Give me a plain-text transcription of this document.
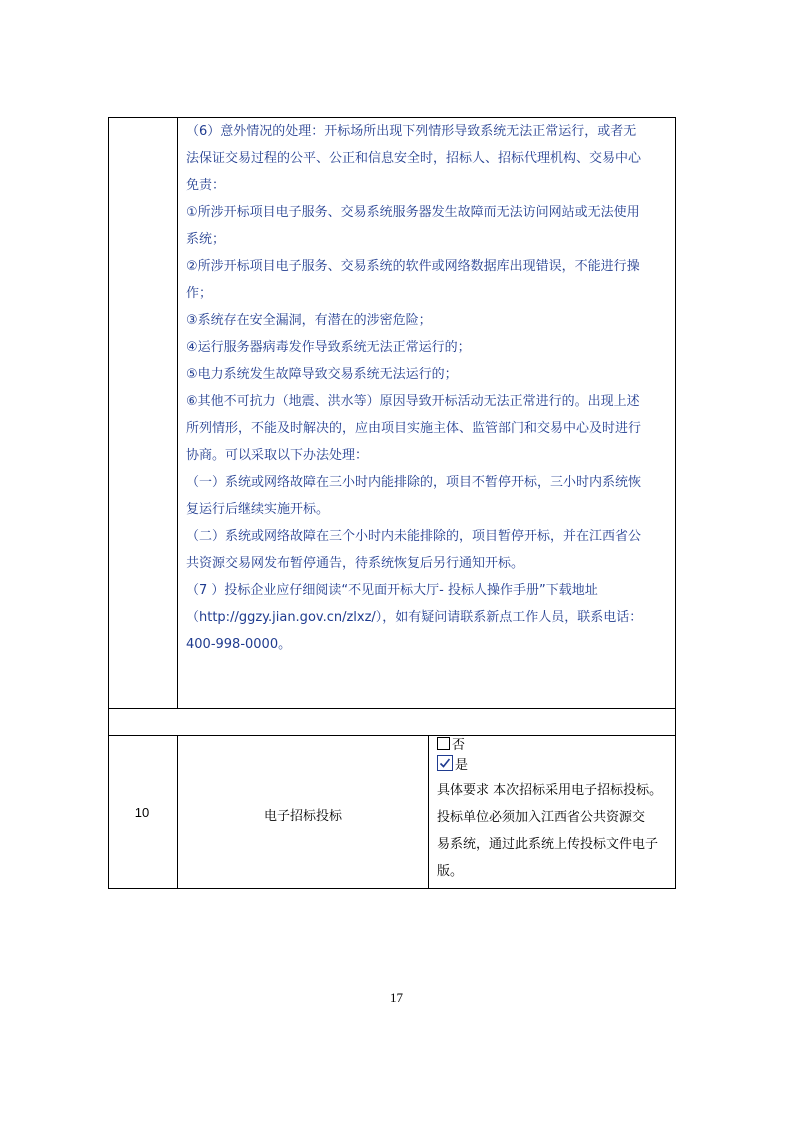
（6）意外情况的处理：开标场所出现下列情形导致系统无法正常运行，或者无

法保证交易过程的公平、公正和信息安全时，招标人、招标代理机构、交易中心

免责：

①所涉开标项目电子服务、交易系统服务器发生故障而无法访问网站或无法使用

系统；

②所涉开标项目电子服务、交易系统的软件或网络数据库出现错误，不能进行操

作；

③系统存在安全漏洞，有潜在的涉密危险；

④运行服务器病毒发作导致系统无法正常运行的；

⑤电力系统发生故障导致交易系统无法运行的；

⑥其他不可抗力（地震、洪水等）原因导致开标活动无法正常进行的。出现上述

所列情形，不能及时解决的，应由项目实施主体、监管部门和交易中心及时进行

协商。可以采取以下办法处理：

（一）系统或网络故障在三小时内能排除的，项目不暂停开标，三小时内系统恢

复运行后继续实施开标。

（二）系统或网络故障在三个小时内未能排除的，项目暂停开标，并在江西省公

共资源交易网发布暂停通告，待系统恢复后另行通知开标。

（7 ）投标企业应仔细阅读“不见面开标大厅- 投标人操作手册”下载地址

（http://ggzy.jian.gov.cn/zlxz/），如有疑问请联系新点工作人员，联系电话：

400-998-0000。

10	电子招标投标
否
是

具体要求 本次招标采用电子招标投标。

投标单位必须加入江西省公共资源交

易系统，通过此系统上传投标文件电子

版。

17
